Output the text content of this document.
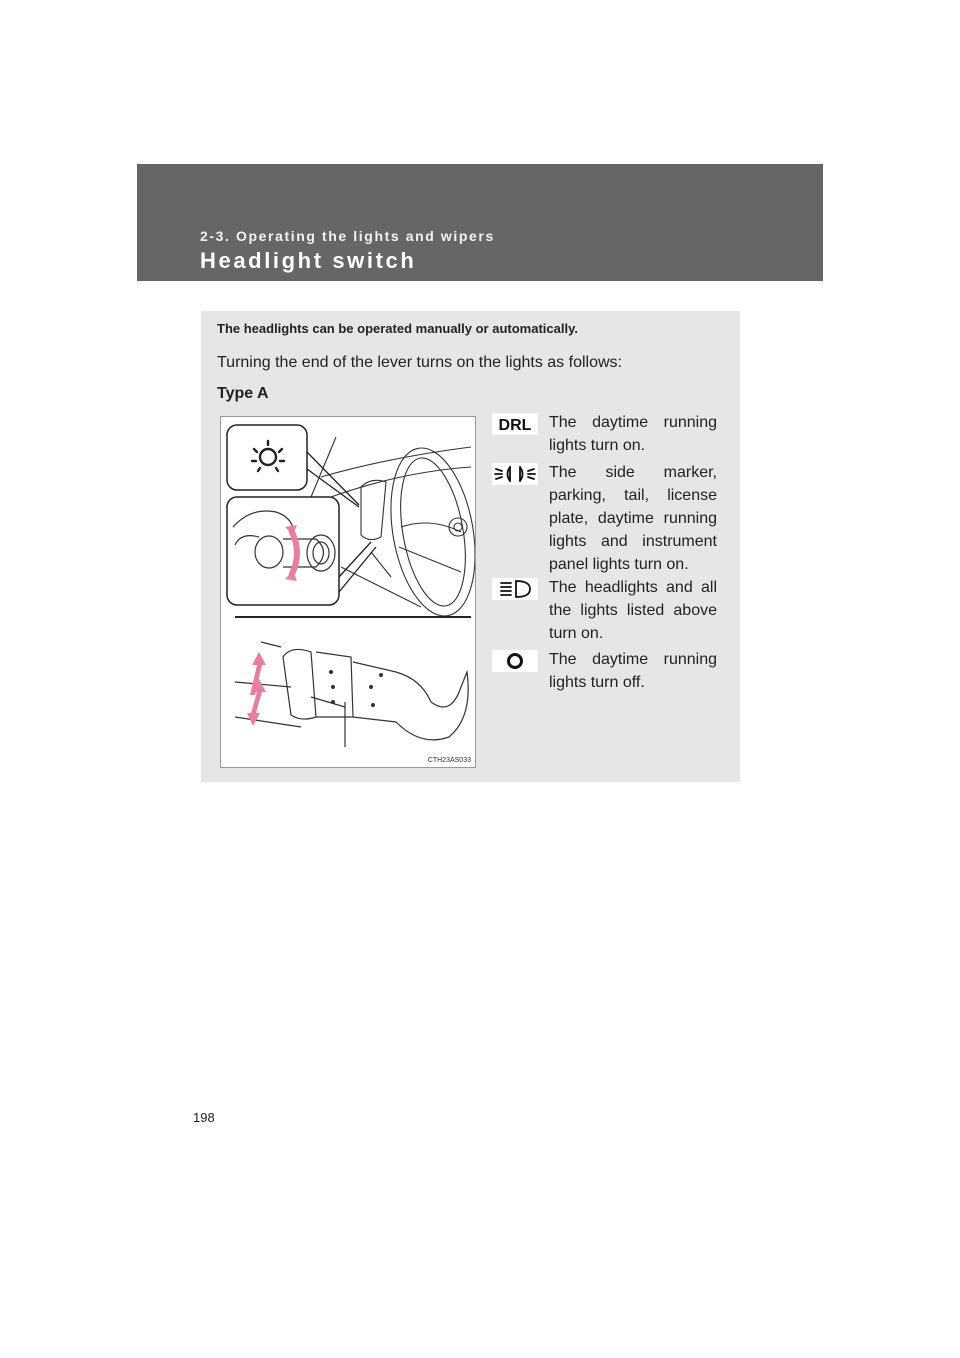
2-3. Operating the lights and wipers
Headlight switch
The headlights can be operated manually or automatically.
Turning the end of the lever turns on the lights as follows:
Type A
CTH23AS033
DRL The daytime running lights turn on.
The side marker, parking, tail, license plate, daytime running lights and instrument panel lights turn on.
The headlights and all the lights listed above turn on.
The daytime running lights turn off.
198
